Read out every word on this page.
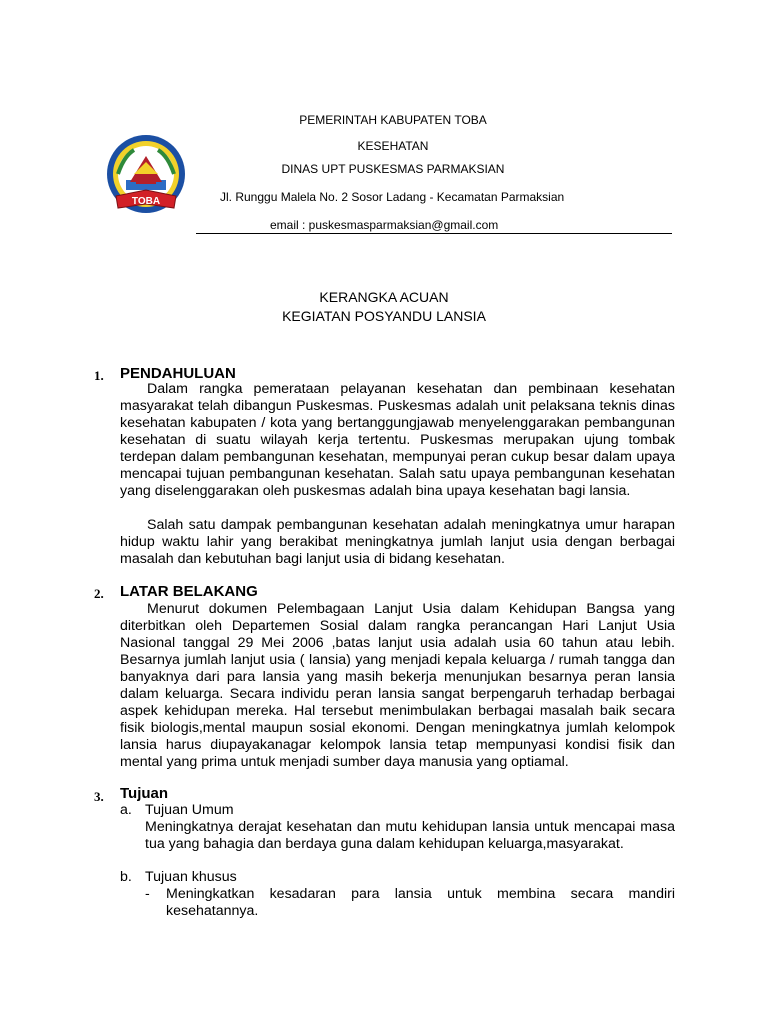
TOBA
PEMERINTAH KABUPATEN TOBA
KESEHATAN
DINAS UPT PUSKESMAS PARMAKSIAN
Jl. Runggu Malela No. 2 Sosor Ladang - Kecamatan Parmaksian
email : puskesmasparmaksian@gmail.com
KERANGKA ACUAN
KEGIATAN POSYANDU LANSIA
1. PENDAHULUAN
Dalam rangka pemerataan pelayanan kesehatan dan pembinaan kesehatan masyarakat telah dibangun Puskesmas. Puskesmas adalah unit pelaksana teknis dinas kesehatan kabupaten / kota yang bertanggungjawab menyelenggarakan pembangunan kesehatan di suatu wilayah kerja tertentu. Puskesmas merupakan ujung tombak terdepan dalam pembangunan kesehatan, mempunyai peran cukup besar dalam upaya mencapai tujuan pembangunan kesehatan. Salah satu upaya pembangunan kesehatan yang diselenggarakan oleh puskesmas adalah bina upaya kesehatan bagi lansia.
Salah satu dampak pembangunan kesehatan adalah meningkatnya umur harapan hidup waktu lahir yang berakibat meningkatnya jumlah lanjut usia dengan berbagai masalah dan kebutuhan bagi lanjut usia di bidang kesehatan.
2. LATAR BELAKANG
Menurut dokumen Pelembagaan Lanjut Usia dalam Kehidupan Bangsa yang diterbitkan oleh Departemen Sosial dalam rangka perancangan Hari Lanjut Usia Nasional tanggal 29 Mei 2006 ,batas lanjut usia adalah usia 60 tahun atau lebih. Besarnya jumlah lanjut usia ( lansia) yang menjadi kepala keluarga / rumah tangga dan banyaknya dari para lansia yang masih bekerja menunjukan besarnya peran lansia dalam keluarga. Secara individu peran lansia sangat berpengaruh terhadap berbagai aspek kehidupan mereka. Hal tersebut menimbulakan berbagai masalah baik secara fisik biologis,mental maupun sosial ekonomi. Dengan meningkatnya jumlah kelompok lansia harus diupayakanagar kelompok lansia tetap mempunyasi kondisi fisik dan mental yang prima untuk menjadi sumber daya manusia yang optiamal.
3. Tujuan
a. Tujuan Umum
Meningkatnya derajat kesehatan dan mutu kehidupan lansia untuk mencapai masa tua yang bahagia dan berdaya guna dalam kehidupan keluarga,masyarakat.
b. Tujuan khusus
- Meningkatkan kesadaran para lansia untuk membina secara mandiri kesehatannya.
